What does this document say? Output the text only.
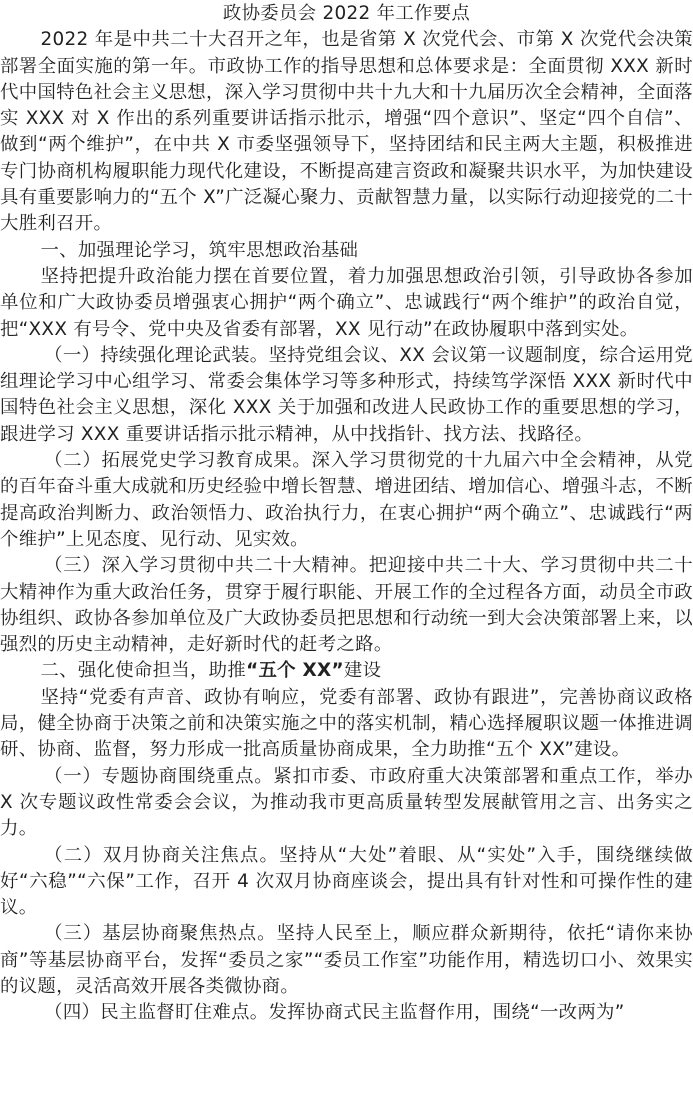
政协委员会 2022 年工作要点

2022 年是中共二十大召开之年，也是省第 X 次党代会、市第 X 次党代会决策部署全面实施的第一年。市政协工作的指导思想和总体要求是：全面贯彻 XXX 新时代中国特色社会主义思想，深入学习贯彻中共十九大和十九届历次全会精神，全面落实 XXX 对 X 作出的系列重要讲话指示批示，增强“四个意识”、坚定“四个自信”、做到“两个维护”，在中共 X 市委坚强领导下，坚持团结和民主两大主题，积极推进专门协商机构履职能力现代化建设，不断提高建言资政和凝聚共识水平，为加快建设具有重要影响力的“五个 X”广泛凝心聚力、贡献智慧力量，以实际行动迎接党的二十大胜利召开。

一、加强理论学习，筑牢思想政治基础

坚持把提升政治能力摆在首要位置，着力加强思想政治引领，引导政协各参加单位和广大政协委员增强衷心拥护“两个确立”、忠诚践行“两个维护”的政治自觉，把“XXX 有号令、党中央及省委有部署，XX 见行动”在政协履职中落到实处。

（一）持续强化理论武装。坚持党组会议、XX 会议第一议题制度，综合运用党组理论学习中心组学习、常委会集体学习等多种形式，持续笃学深悟 XXX 新时代中国特色社会主义思想，深化 XXX 关于加强和改进人民政协工作的重要思想的学习，跟进学习 XXX 重要讲话指示批示精神，从中找指针、找方法、找路径。

（二）拓展党史学习教育成果。深入学习贯彻党的十九届六中全会精神，从党的百年奋斗重大成就和历史经验中增长智慧、增进团结、增加信心、增强斗志，不断提高政治判断力、政治领悟力、政治执行力，在衷心拥护“两个确立”、忠诚践行“两个维护”上见态度、见行动、见实效。

（三）深入学习贯彻中共二十大精神。把迎接中共二十大、学习贯彻中共二十大精神作为重大政治任务，贯穿于履行职能、开展工作的全过程各方面，动员全市政协组织、政协各参加单位及广大政协委员把思想和行动统一到大会决策部署上来，以强烈的历史主动精神，走好新时代的赶考之路。

二、强化使命担当，助推“五个 XX”建设

坚持“党委有声音、政协有响应，党委有部署、政协有跟进”，完善协商议政格局，健全协商于决策之前和决策实施之中的落实机制，精心选择履职议题一体推进调研、协商、监督，努力形成一批高质量协商成果，全力助推“五个 XX”建设。

（一）专题协商围绕重点。紧扣市委、市政府重大决策部署和重点工作，举办 X 次专题议政性常委会会议，为推动我市更高质量转型发展献管用之言、出务实之力。

（二）双月协商关注焦点。坚持从“大处”着眼、从“实处”入手，围绕继续做好“六稳”“六保”工作，召开 4 次双月协商座谈会，提出具有针对性和可操作性的建议。

（三）基层协商聚焦热点。坚持人民至上，顺应群众新期待，依托“请你来协商”等基层协商平台，发挥“委员之家”“委员工作室”功能作用，精选切口小、效果实的议题，灵活高效开展各类微协商。

（四）民主监督盯住难点。发挥协商式民主监督作用，围绕“一改两为”
